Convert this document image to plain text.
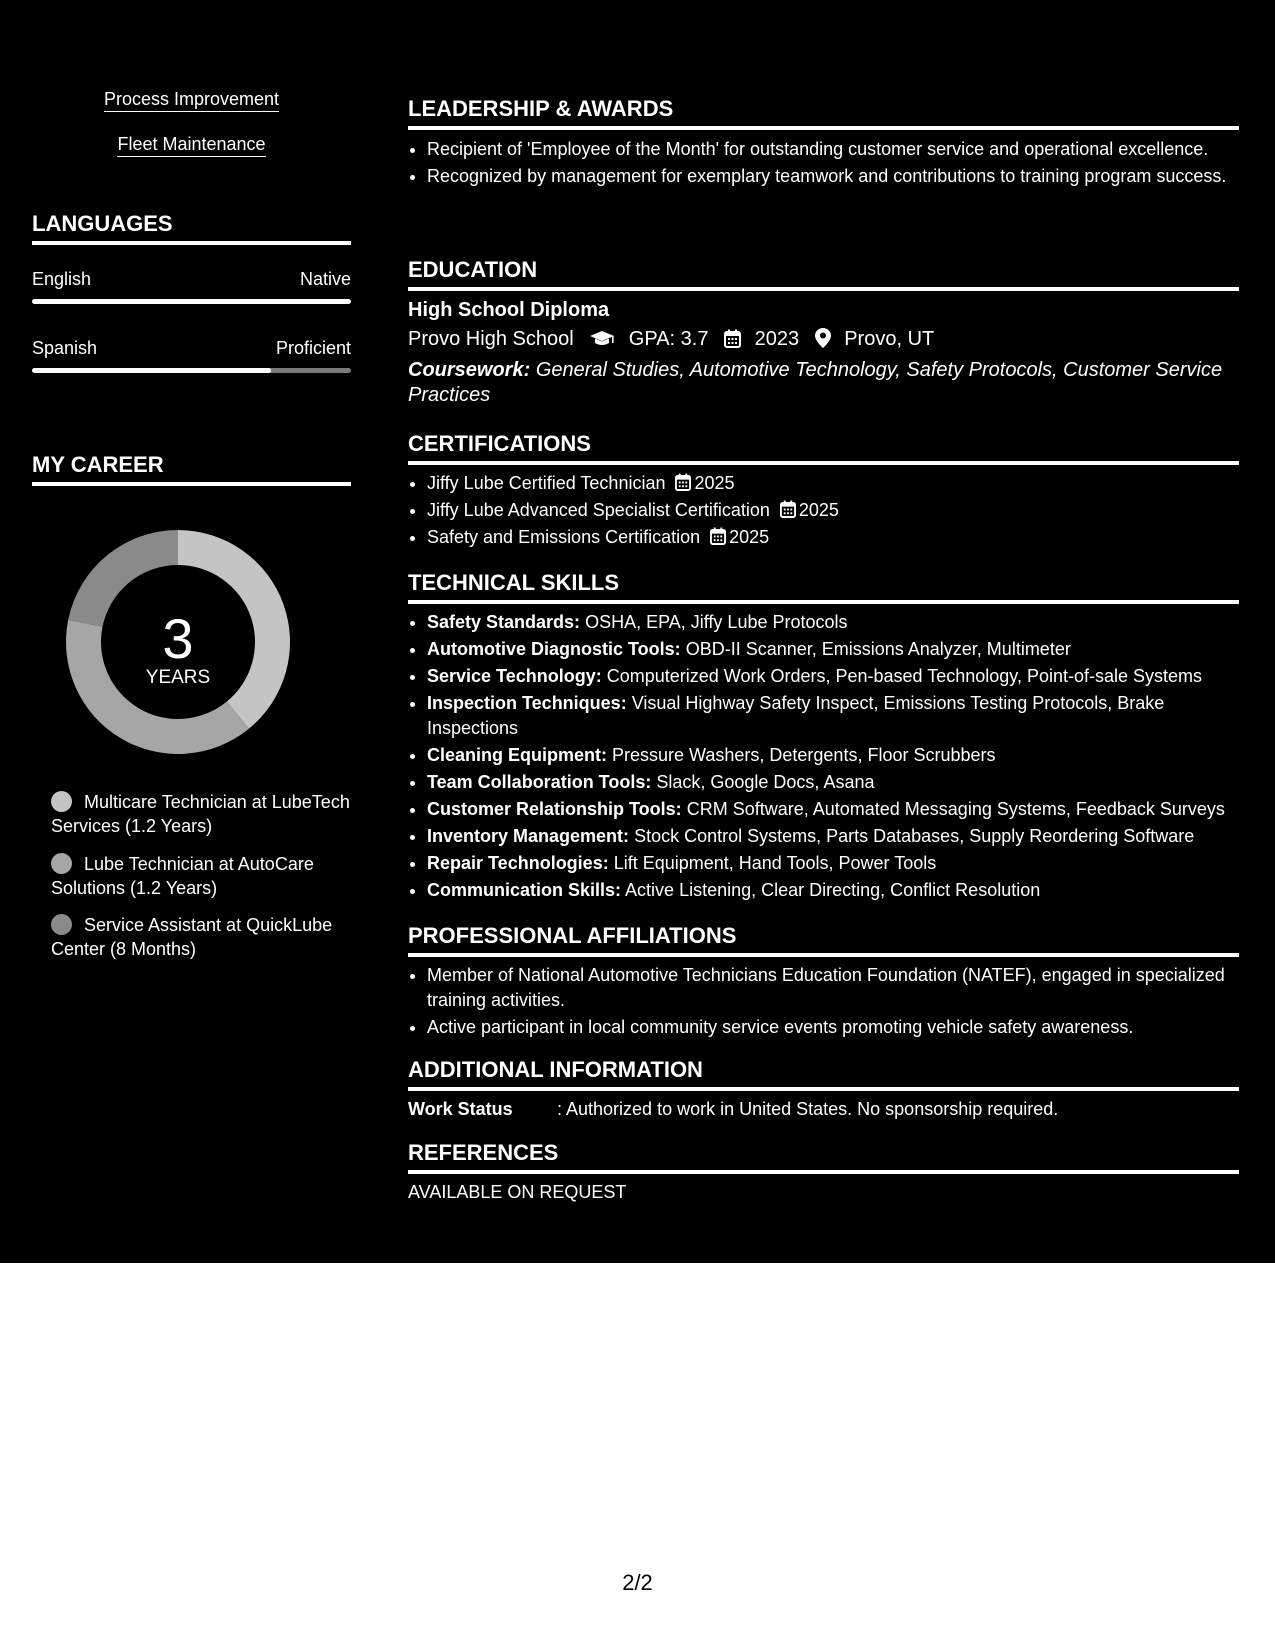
Process Improvement
Fleet Maintenance
LANGUAGES
English	Native
Spanish	Proficient
MY CAREER
3
YEARS
Multicare Technician at LubeTech Services (1.2 Years)
Lube Technician at AutoCare Solutions (1.2 Years)
Service Assistant at QuickLube Center (8 Months)
LEADERSHIP & AWARDS
• Recipient of 'Employee of the Month' for outstanding customer service and operational excellence.
• Recognized by management for exemplary teamwork and contributions to training program success.
EDUCATION
High School Diploma
Provo High School	GPA: 3.7 2023 Provo, UT
Coursework: General Studies, Automotive Technology, Safety Protocols, Customer Service Practices
CERTIFICATIONS
• Jiffy Lube Certified Technician 2025
• Jiffy Lube Advanced Specialist Certification 2025
• Safety and Emissions Certification 2025
TECHNICAL SKILLS
• Safety Standards: OSHA, EPA, Jiffy Lube Protocols
• Automotive Diagnostic Tools: OBD-II Scanner, Emissions Analyzer, Multimeter
• Service Technology: Computerized Work Orders, Pen-based Technology, Point-of-sale Systems
• Inspection Techniques: Visual Highway Safety Inspect, Emissions Testing Protocols, Brake Inspections
• Cleaning Equipment: Pressure Washers, Detergents, Floor Scrubbers
• Team Collaboration Tools: Slack, Google Docs, Asana
• Customer Relationship Tools: CRM Software, Automated Messaging Systems, Feedback Surveys
• Inventory Management: Stock Control Systems, Parts Databases, Supply Reordering Software
• Repair Technologies: Lift Equipment, Hand Tools, Power Tools
• Communication Skills: Active Listening, Clear Directing, Conflict Resolution
PROFESSIONAL AFFILIATIONS
• Member of National Automotive Technicians Education Foundation (NATEF), engaged in specialized training activities.
• Active participant in local community service events promoting vehicle safety awareness.
ADDITIONAL INFORMATION
Work Status : Authorized to work in United States. No sponsorship required.
REFERENCES
AVAILABLE ON REQUEST
2/2
